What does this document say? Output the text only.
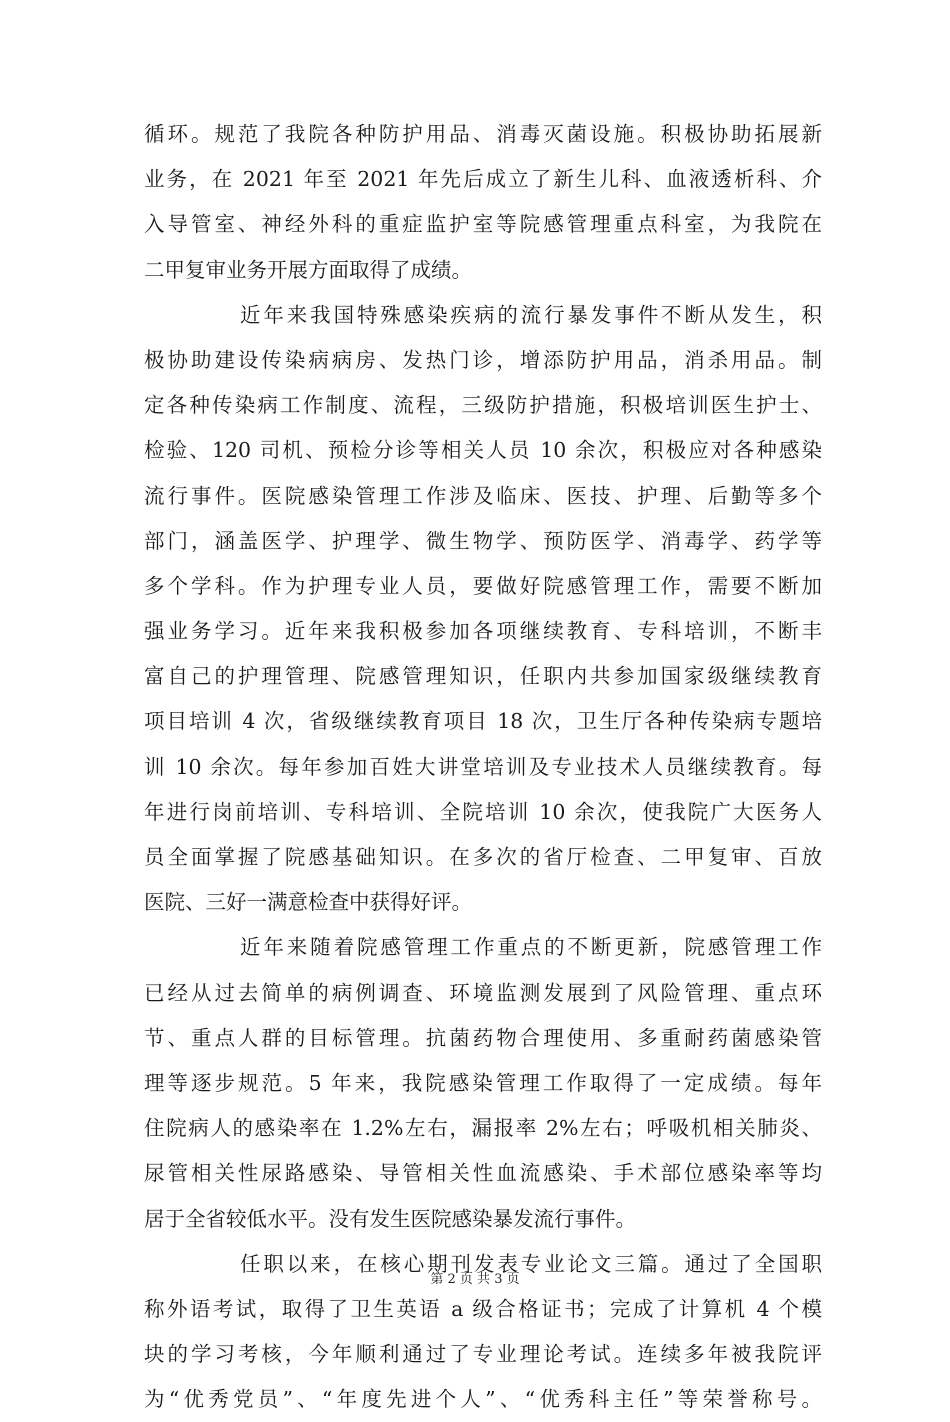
循环。规范了我院各种防护用品、消毒灭菌设施。积极协助拓展新
业务，在 2021 年至 2021 年先后成立了新生儿科、血液透析科、介
入导管室、神经外科的重症监护室等院感管理重点科室，为我院在
二甲复审业务开展方面取得了成绩。
近年来我国特殊感染疾病的流行暴发事件不断从发生，积
极协助建设传染病病房、发热门诊，增添防护用品，消杀用品。制
定各种传染病工作制度、流程，三级防护措施，积极培训医生护士、
检验、120 司机、预检分诊等相关人员 10 余次，积极应对各种感染
流行事件。医院感染管理工作涉及临床、医技、护理、后勤等多个
部门，涵盖医学、护理学、微生物学、预防医学、消毒学、药学等
多个学科。作为护理专业人员，要做好院感管理工作，需要不断加
强业务学习。近年来我积极参加各项继续教育、专科培训，不断丰
富自己的护理管理、院感管理知识，任职内共参加国家级继续教育
项目培训 4 次，省级继续教育项目 18 次，卫生厅各种传染病专题培
训 10 余次。每年参加百姓大讲堂培训及专业技术人员继续教育。每
年进行岗前培训、专科培训、全院培训 10 余次，使我院广大医务人
员全面掌握了院感基础知识。在多次的省厅检查、二甲复审、百放
医院、三好一满意检查中获得好评。
近年来随着院感管理工作重点的不断更新，院感管理工作
已经从过去简单的病例调查、环境监测发展到了风险管理、重点环
节、重点人群的目标管理。抗菌药物合理使用、多重耐药菌感染管
理等逐步规范。5 年来，我院感染管理工作取得了一定成绩。每年
住院病人的感染率在 1.2%左右，漏报率 2%左右；呼吸机相关肺炎、
尿管相关性尿路感染、导管相关性血流感染、手术部位感染率等均
居于全省较低水平。没有发生医院感染暴发流行事件。
任职以来，在核心期刊发表专业论文三篇。通过了全国职
称外语考试，取得了卫生英语 a 级合格证书；完成了计算机 4 个模
块的学习考核，今年顺利通过了专业理论考试。连续多年被我院评
为“优秀党员”、“年度先进个人”、“优秀科主任”等荣誉称号。
第 2 页 共 3 页
